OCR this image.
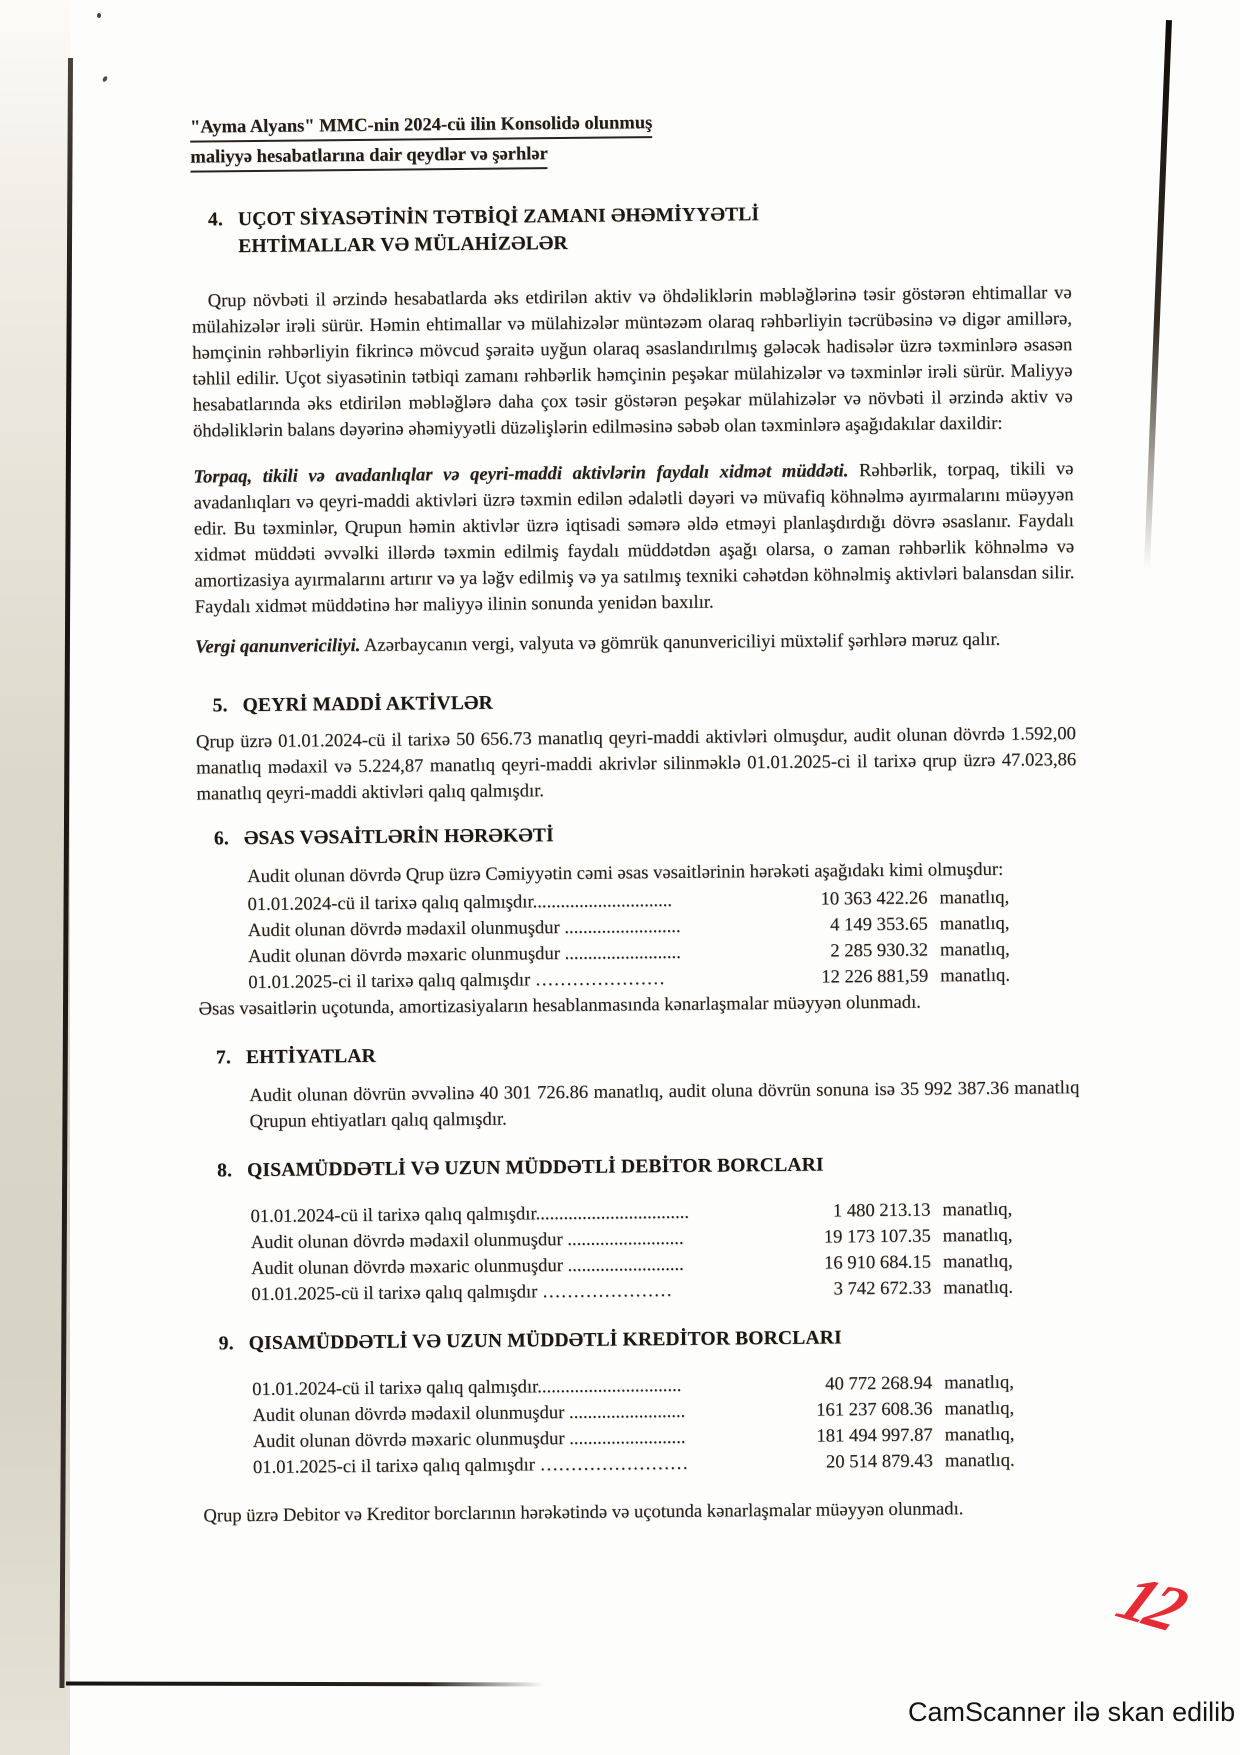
"Ayma Alyans" MMC-nin 2024-cü ilin Konsolidə olunmuş
maliyyə hesabatlarına dair qeydlər və şərhlər
4. UÇOT SİYASƏTİNİN TƏTBİQİ ZAMANI ƏHƏMİYYƏTLİ
EHTİMALLAR VƏ MÜLAHİZƏLƏR
Qrup növbəti il ərzində hesabatlarda əks etdirilən aktiv və öhdəliklərin məbləğlərinə təsir göstərən ehtimallar və mülahizələr irəli sürür. Həmin ehtimallar və mülahizələr müntəzəm olaraq rəhbərliyin təcrübəsinə və digər amillərə, həmçinin rəhbərliyin fikrincə mövcud şəraitə uyğun olaraq əsaslandırılmış gələcək hadisələr üzrə təxminlərə əsasən təhlil edilir. Uçot siyasətinin tətbiqi zamanı rəhbərlik həmçinin peşəkar mülahizələr və təxminlər irəli sürür. Maliyyə hesabatlarında əks etdirilən məbləğlərə daha çox təsir göstərən peşəkar mülahizələr və növbəti il ərzində aktiv və öhdəliklərin balans dəyərinə əhəmiyyətli düzəlişlərin edilməsinə səbəb olan təxminlərə aşağıdakılar daxildir:
Torpaq, tikili və avadanlıqlar və qeyri-maddi aktivlərin faydalı xidmət müddəti. Rəhbərlik, torpaq, tikili və avadanlıqları və qeyri-maddi aktivləri üzrə təxmin edilən ədalətli dəyəri və müvafiq köhnəlmə ayırmalarını müəyyən edir. Bu təxminlər, Qrupun həmin aktivlər üzrə iqtisadi səmərə əldə etməyi planlaşdırdığı dövrə əsaslanır. Faydalı xidmət müddəti əvvəlki illərdə təxmin edilmiş faydalı müddətdən aşağı olarsa, o zaman rəhbərlik köhnəlmə və amortizasiya ayırmalarını artırır və ya ləğv edilmiş və ya satılmış texniki cəhətdən köhnəlmiş aktivləri balansdan silir. Faydalı xidmət müddətinə hər maliyyə ilinin sonunda yenidən baxılır.
Vergi qanunvericiliyi. Azərbaycanın vergi, valyuta və gömrük qanunvericiliyi müxtəlif şərhlərə məruz qalır.
5. QEYRİ MADDİ AKTİVLƏR
Qrup üzrə 01.01.2024-cü il tarixə 50 656.73 manatlıq qeyri-maddi aktivləri olmuşdur, audit olunan dövrdə 1.592,00 manatlıq mədaxil və 5.224,87 manatlıq qeyri-maddi akrivlər silinməklə 01.01.2025-ci il tarixə qrup üzrə 47.023,86 manatlıq qeyri-maddi aktivləri qalıq qalmışdır.
6. ƏSAS VƏSAİTLƏRİN HƏRƏKƏTİ
Audit olunan dövrdə Qrup üzrə Cəmiyyətin cəmi əsas vəsaitlərinin hərəkəti aşağıdakı kimi olmuşdur:
01.01.2024-cü il tarixə qalıq qalmışdır..............................	10 363 422.26 manatlıq,
Audit olunan dövrdə mədaxil olunmuşdur .........................	4 149 353.65 manatlıq,
Audit olunan dövrdə məxaric olunmuşdur .........................	2 285 930.32 manatlıq,
01.01.2025-ci il tarixə qalıq qalmışdır …………………	12 226 881,59 manatlıq.
Əsas vəsaitlərin uçotunda, amortizasiyaların hesablanmasında kənarlaşmalar müəyyən olunmadı.
7. EHTİYATLAR
Audit olunan dövrün əvvəlinə 40 301 726.86 manatlıq, audit oluna dövrün sonuna isə 35 992 387.36 manatlıq Qrupun ehtiyatları qalıq qalmışdır.
8. QISAMÜDDƏTLİ VƏ UZUN MÜDDƏTLİ DEBİTOR BORCLARI
01.01.2024-cü il tarixə qalıq qalmışdır.................................	1 480 213.13 manatlıq,
Audit olunan dövrdə mədaxil olunmuşdur .........................	19 173 107.35 manatlıq,
Audit olunan dövrdə məxaric olunmuşdur .........................	16 910 684.15 manatlıq,
01.01.2025-cü il tarixə qalıq qalmışdır …………………	3 742 672.33 manatlıq.
9. QISAMÜDDƏTLİ VƏ UZUN MÜDDƏTLİ KREDİTOR BORCLARI
01.01.2024-cü il tarixə qalıq qalmışdır...............................	40 772 268.94 manatlıq,
Audit olunan dövrdə mədaxil olunmuşdur .........................	161 237 608.36 manatlıq,
Audit olunan dövrdə məxaric olunmuşdur .........................	181 494 997.87 manatlıq,
01.01.2025-ci il tarixə qalıq qalmışdır ……………………	20 514 879.43 manatlıq.
Qrup üzrə Debitor və Kreditor borclarının hərəkətində və uçotunda kənarlaşmalar müəyyən olunmadı.
12
CamScanner ilə skan edilib
